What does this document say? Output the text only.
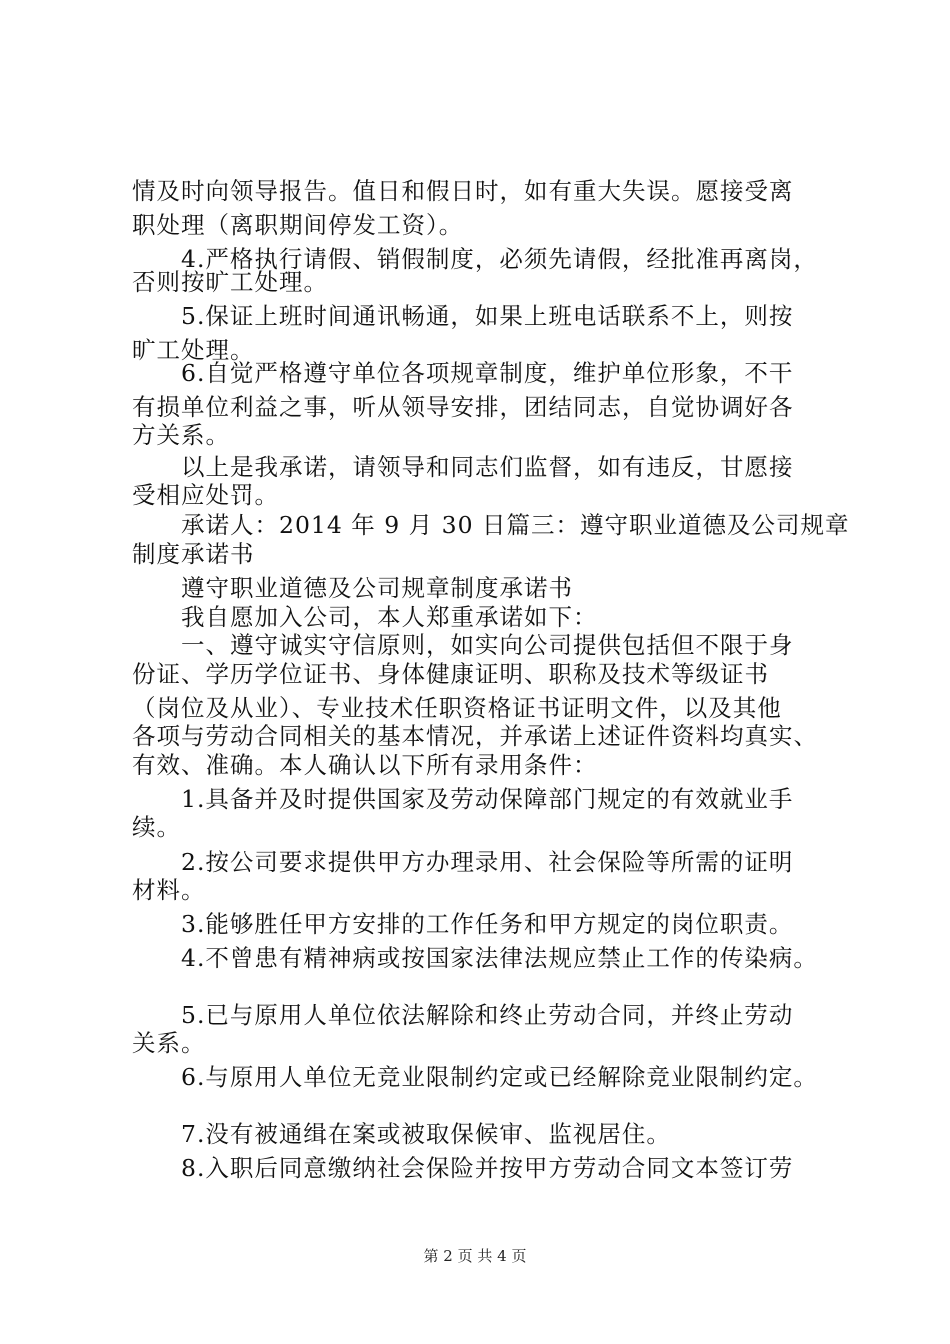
情及时向领导报告。值日和假日时，如有重大失误。愿接受离
职处理（离职期间停发工资）。
　　4.严格执行请假、销假制度，必须先请假，经批准再离岗，
否则按旷工处理。
　　5.保证上班时间通讯畅通，如果上班电话联系不上，则按
旷工处理。
　　6.自觉严格遵守单位各项规章制度，维护单位形象，不干
有损单位利益之事，听从领导安排，团结同志，自觉协调好各
方关系。
　　以上是我承诺，请领导和同志们监督，如有违反，甘愿接
受相应处罚。
　　承诺人：2014 年 9 月 30 日篇三：遵守职业道德及公司规章
制度承诺书
　　遵守职业道德及公司规章制度承诺书
　　我自愿加入公司，本人郑重承诺如下：
　　一、遵守诚实守信原则，如实向公司提供包括但不限于身
份证、学历学位证书、身体健康证明、职称及技术等级证书
（岗位及从业）、专业技术任职资格证书证明文件，以及其他
各项与劳动合同相关的基本情况，并承诺上述证件资料均真实、
有效、准确。本人确认以下所有录用条件：
　　1.具备并及时提供国家及劳动保障部门规定的有效就业手
续。
　　2.按公司要求提供甲方办理录用、社会保险等所需的证明
材料。
　　3.能够胜任甲方安排的工作任务和甲方规定的岗位职责。
　　4.不曾患有精神病或按国家法律法规应禁止工作的传染病。
　　5.已与原用人单位依法解除和终止劳动合同，并终止劳动
关系。
　　6.与原用人单位无竞业限制约定或已经解除竞业限制约定。
　　7.没有被通缉在案或被取保候审、监视居住。
　　8.入职后同意缴纳社会保险并按甲方劳动合同文本签订劳
第 2 页 共 4 页
